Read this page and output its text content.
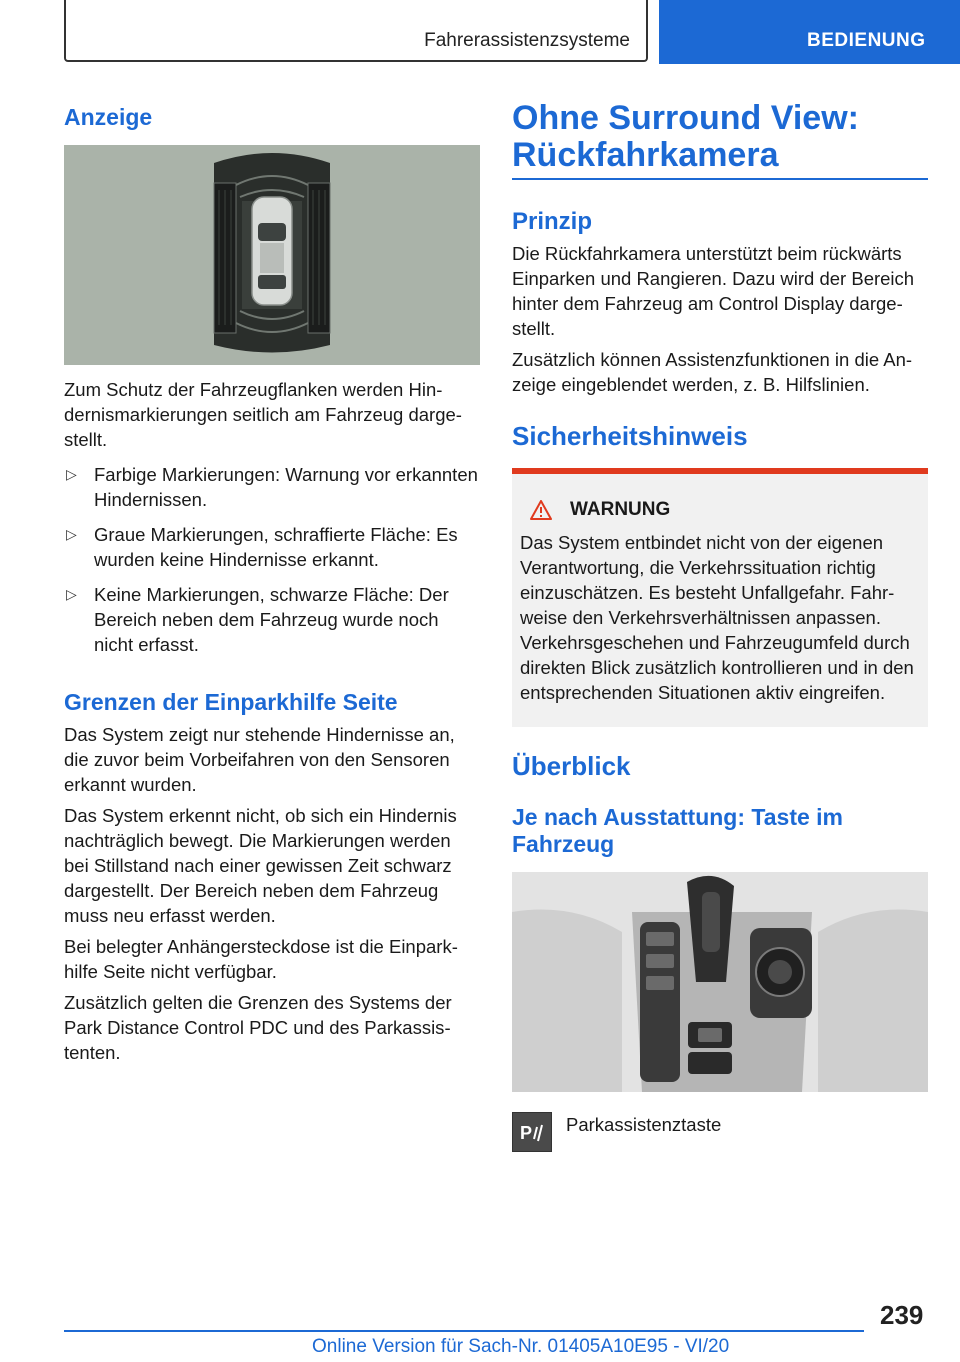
Fahrerassistenzsysteme	BEDIENUNG
Anzeige

Zum Schutz der Fahrzeugflanken werden Hindernismarkierungen seitlich am Fahrzeug dargestellt.

▷ Farbige Markierungen: Warnung vor erkannten Hindernissen.
▷ Graue Markierungen, schraffierte Fläche: Es wurden keine Hindernisse erkannt.
▷ Keine Markierungen, schwarze Fläche: Der Bereich neben dem Fahrzeug wurde noch nicht erfasst.
Grenzen der Einparkhilfe Seite

Das System zeigt nur stehende Hindernisse an, die zuvor beim Vorbeifahren von den Sensoren erkannt wurden.

Das System erkennt nicht, ob sich ein Hindernis nachträglich bewegt. Die Markierungen werden bei Stillstand nach einer gewissen Zeit schwarz dargestellt. Der Bereich neben dem Fahrzeug muss neu erfasst werden.

Bei belegter Anhängersteckdose ist die Einparkhilfe Seite nicht verfügbar.

Zusätzlich gelten die Grenzen des Systems der Park Distance Control PDC und des Parkassistenten.

Ohne Surround View: Rückfahrkamera
Prinzip

Die Rückfahrkamera unterstützt beim rückwärts Einparken und Rangieren. Dazu wird der Bereich hinter dem Fahrzeug am Control Display dargestellt.

Zusätzlich können Assistenzfunktionen in die Anzeige eingeblendet werden, z. B. Hilfslinien.

Sicherheitshinweis
WARNUNG

Das System entbindet nicht von der eigenen Verantwortung, die Verkehrssituation richtig einzuschätzen. Es besteht Unfallgefahr. Fahrweise den Verkehrsverhältnissen anpassen. Verkehrsgeschehen und Fahrzeugumfeld durch direkten Blick zusätzlich kontrollieren und in den entsprechenden Situationen aktiv eingreifen.

Überblick
Je nach Ausstattung: Taste im Fahrzeug
P Parkassistenztaste
239
Online Version für Sach-Nr. 01405A10E95 - VI/20
